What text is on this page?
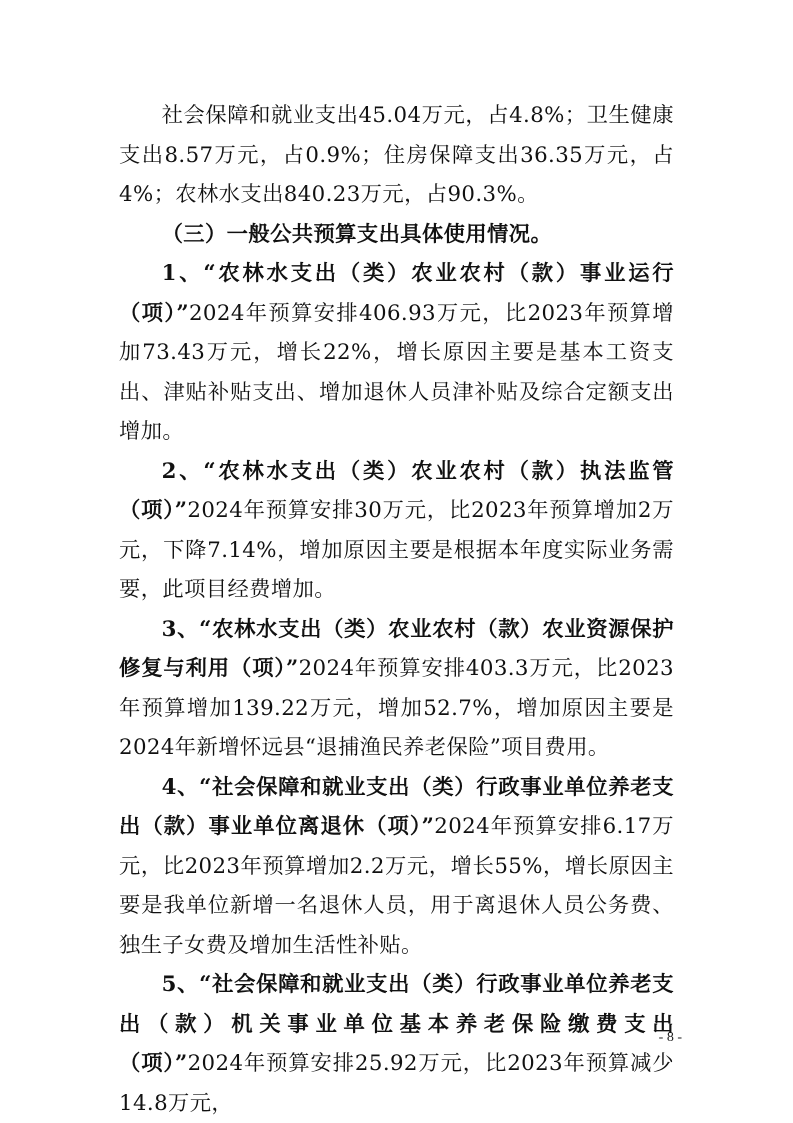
社会保障和就业支出45.04万元，占4.8%；卫生健康支出8.57万元，占0.9%；住房保障支出36.35万元，占4%；农林水支出840.23万元，占90.3%。

（三）一般公共预算支出具体使用情况。

1、“农林水支出（类）农业农村（款）事业运行（项）”2024年预算安排406.93万元，比2023年预算增加73.43万元，增长22%，增长原因主要是基本工资支出、津贴补贴支出、增加退休人员津补贴及综合定额支出增加。

2、“农林水支出（类）农业农村（款）执法监管（项）”2024年预算安排30万元，比2023年预算增加2万元，下降7.14%，增加原因主要是根据本年度实际业务需要，此项目经费增加。

3、“农林水支出（类）农业农村（款）农业资源保护修复与利用（项）”2024年预算安排403.3万元，比2023年预算增加139.22万元，增加52.7%，增加原因主要是2024年新增怀远县“退捕渔民养老保险”项目费用。

4、“社会保障和就业支出（类）行政事业单位养老支出（款）事业单位离退休（项）”2024年预算安排6.17万元，比2023年预算增加2.2万元，增长55%，增长原因主要是我单位新增一名退休人员，用于离退休人员公务费、独生子女费及增加生活性补贴。

5、“社会保障和就业支出（类）行政事业单位养老支出（款）机关事业单位基本养老保险缴费支出（项）”2024年预算安排25.92万元，比2023年预算减少14.8万元，

- 8 -
